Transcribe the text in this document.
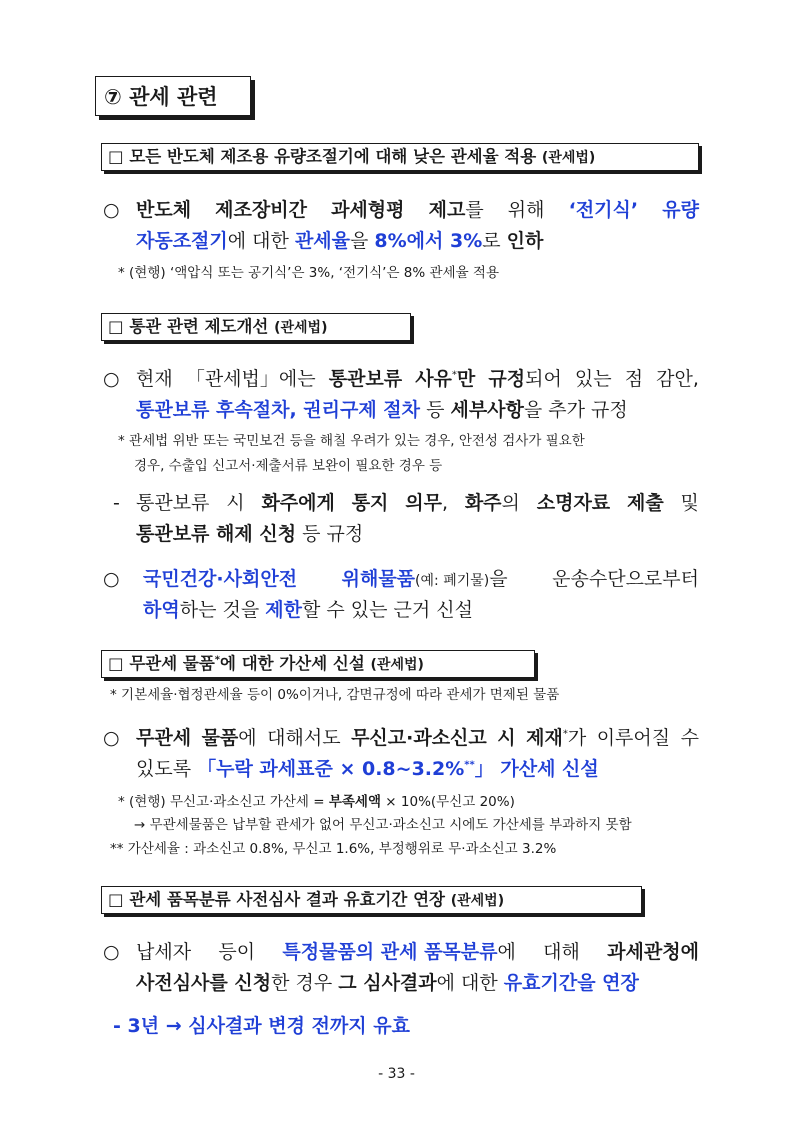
⑦ 관세 관련
□ 모든 반도체 제조용 유량조절기에 대해 낮은 관세율 적용 (관세법)
○ 반도체 제조장비간 과세형평 제고를 위해 ‘전기식’ 유량
자동조절기에 대한 관세율을 8%에서 3%로 인하
* (현행) ‘액압식 또는 공기식’은 3%, ‘전기식’은 8% 관세율 적용
□ 통관 관련 제도개선 (관세법)
○ 현재 「관세법」에는 통관보류 사유*만 규정되어 있는 점 감안,
통관보류 후속절차, 권리구제 절차 등 세부사항을 추가 규정
* 관세법 위반 또는 국민보건 등을 해칠 우려가 있는 경우, 안전성 검사가 필요한
경우, 수출입 신고서·제출서류 보완이 필요한 경우 등
- 통관보류 시 화주에게 통지 의무, 화주의 소명자료 제출 및
통관보류 해제 신청 등 규정
○ 국민건강·사회안전 위해물품(예: 폐기물)을 운송수단으로부터
하역하는 것을 제한할 수 있는 근거 신설
□ 무관세 물품*에 대한 가산세 신설 (관세법)
* 기본세율·협정관세율 등이 0%이거나, 감면규정에 따라 관세가 면제된 물품
○ 무관세 물품에 대해서도 무신고·과소신고 시 제재*가 이루어질 수
있도록 「누락 과세표준 × 0.8~3.2%**」 가산세 신설
* (현행) 무신고·과소신고 가산세 = 부족세액 × 10%(무신고 20%)
→ 무관세물품은 납부할 관세가 없어 무신고·과소신고 시에도 가산세를 부과하지 못함
** 가산세율 : 과소신고 0.8%, 무신고 1.6%, 부정행위로 무·과소신고 3.2%
□ 관세 품목분류 사전심사 결과 유효기간 연장 (관세법)
○ 납세자 등이 특정물품의 관세 품목분류에 대해 과세관청에
사전심사를 신청한 경우 그 심사결과에 대한 유효기간을 연장
- 3년 → 심사결과 변경 전까지 유효
- 33 -
